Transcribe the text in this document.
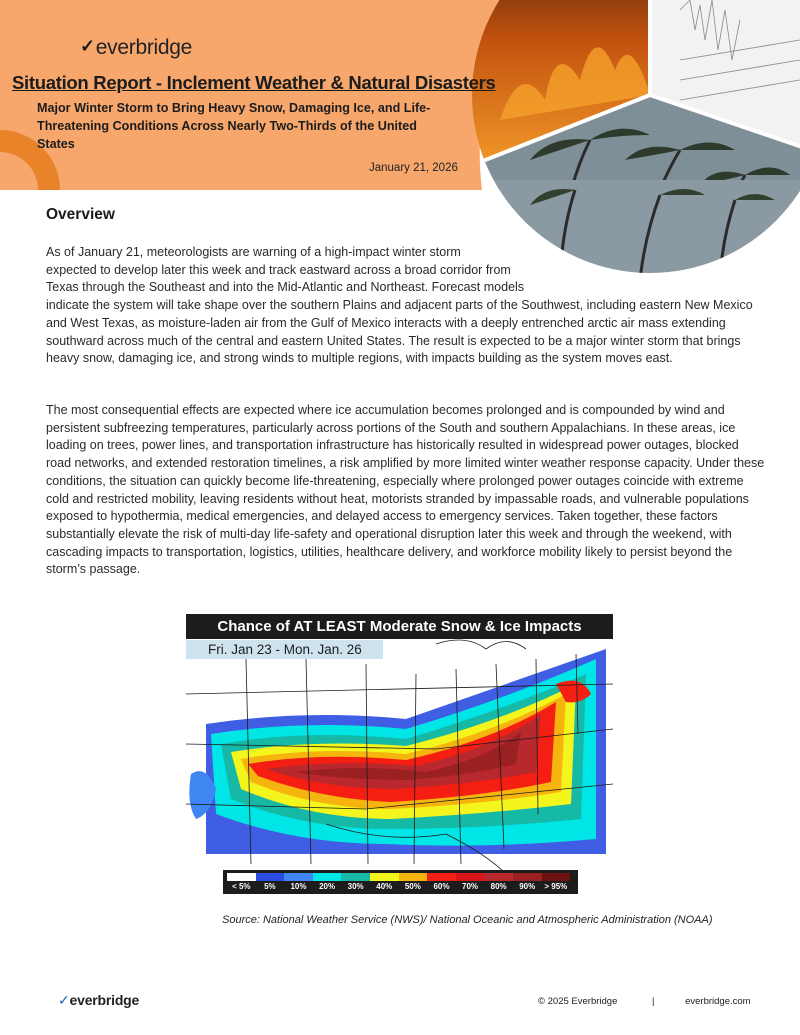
✓ everbridge
Situation Report - Inclement Weather & Natural Disasters
Major Winter Storm to Bring Heavy Snow, Damaging Ice, and Life-Threatening Conditions Across Nearly Two-Thirds of the United States
January 21, 2026
Overview
As of January 21, meteorologists are warning of a high-impact winter storm
expected to develop later this week and track eastward across a broad corridor from
Texas through the Southeast and into the Mid-Atlantic and Northeast. Forecast models
indicate the system will take shape over the southern Plains and adjacent parts of the Southwest, including eastern New Mexico and West Texas, as moisture-laden air from the Gulf of Mexico interacts with a deeply entrenched arctic air mass extending southward across much of the central and eastern United States. The result is expected to be a major winter storm that brings heavy snow, damaging ice, and strong winds to multiple regions, with impacts building as the system moves east.
The most consequential effects are expected where ice accumulation becomes prolonged and is compounded by wind and persistent subfreezing temperatures, particularly across portions of the South and southern Appalachians. In these areas, ice loading on trees, power lines, and transportation infrastructure has historically resulted in widespread power outages, blocked road networks, and extended restoration timelines, a risk amplified by more limited winter weather response capacity. Under these conditions, the situation can quickly become life-threatening, especially where prolonged power outages coincide with extreme cold and restricted mobility, leaving residents without heat, motorists stranded by impassable roads, and vulnerable populations exposed to hypothermia, medical emergencies, and delayed access to emergency services. Taken together, these factors substantially elevate the risk of multi-day life-safety and operational disruption later this week and through the weekend, with cascading impacts to transportation, logistics, utilities, healthcare delivery, and workforce mobility likely to persist beyond the storm’s passage.
Chance of AT LEAST Moderate Snow & Ice Impacts
Fri. Jan 23 - Mon. Jan. 26
< 5%	5%	10%	20%	30%	40%	50%	60%	70%	80%	90%	> 95%
Source: National Weather Service (NWS)/ National Oceanic and Atmospheric Administration (NOAA)
✓everbridge	© 2025 Everbridge	|	everbridge.com
